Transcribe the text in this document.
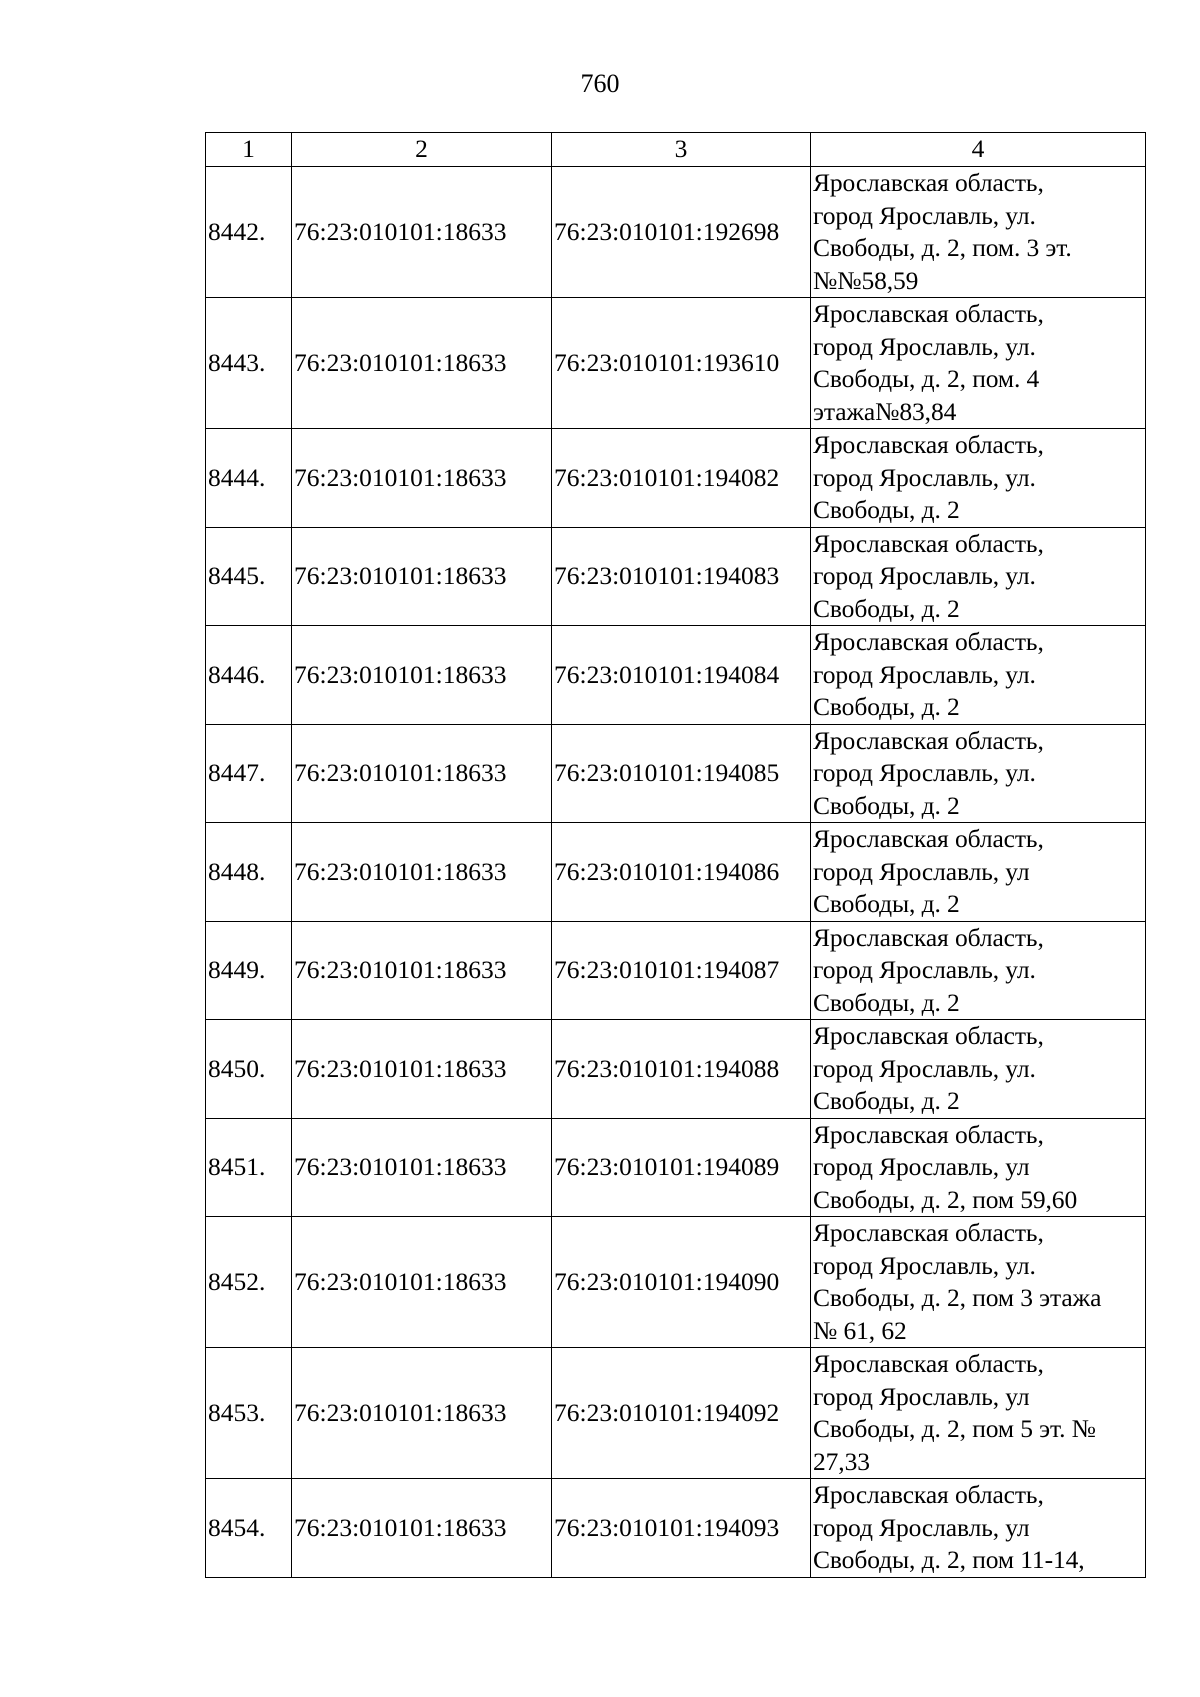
760
1	2	3	4
8442.	76:23:010101:18633	76:23:010101:192698	Ярославская область,
город Ярославль, ул.
Свободы, д. 2, пом. 3 эт.
№№58,59

8443.	76:23:010101:18633	76:23:010101:193610	Ярославская область,
город Ярославль, ул.
Свободы, д. 2, пом. 4
этажа№83,84

8444.	76:23:010101:18633	76:23:010101:194082	Ярославская область,
город Ярославль, ул.
Свободы, д. 2

8445.	76:23:010101:18633	76:23:010101:194083	Ярославская область,
город Ярославль, ул.
Свободы, д. 2

8446.	76:23:010101:18633	76:23:010101:194084	Ярославская область,
город Ярославль, ул.
Свободы, д. 2

8447.	76:23:010101:18633	76:23:010101:194085	Ярославская область,
город Ярославль, ул.
Свободы, д. 2

8448.	76:23:010101:18633	76:23:010101:194086	Ярославская область,
город Ярославль, ул
Свободы, д. 2

8449.	76:23:010101:18633	76:23:010101:194087	Ярославская область,
город Ярославль, ул.
Свободы, д. 2

8450.	76:23:010101:18633	76:23:010101:194088	Ярославская область,
город Ярославль, ул.
Свободы, д. 2

8451.	76:23:010101:18633	76:23:010101:194089	Ярославская область,
город Ярославль, ул
Свободы, д. 2, пом 59,60

8452.	76:23:010101:18633	76:23:010101:194090	Ярославская область,
город Ярославль, ул.
Свободы, д. 2, пом 3 этажа
№ 61, 62

8453.	76:23:010101:18633	76:23:010101:194092	Ярославская область,
город Ярославль, ул
Свободы, д. 2, пом 5 эт. №
27,33

8454.	76:23:010101:18633	76:23:010101:194093	Ярославская область,
город Ярославль, ул
Свободы, д. 2, пом 11-14,
